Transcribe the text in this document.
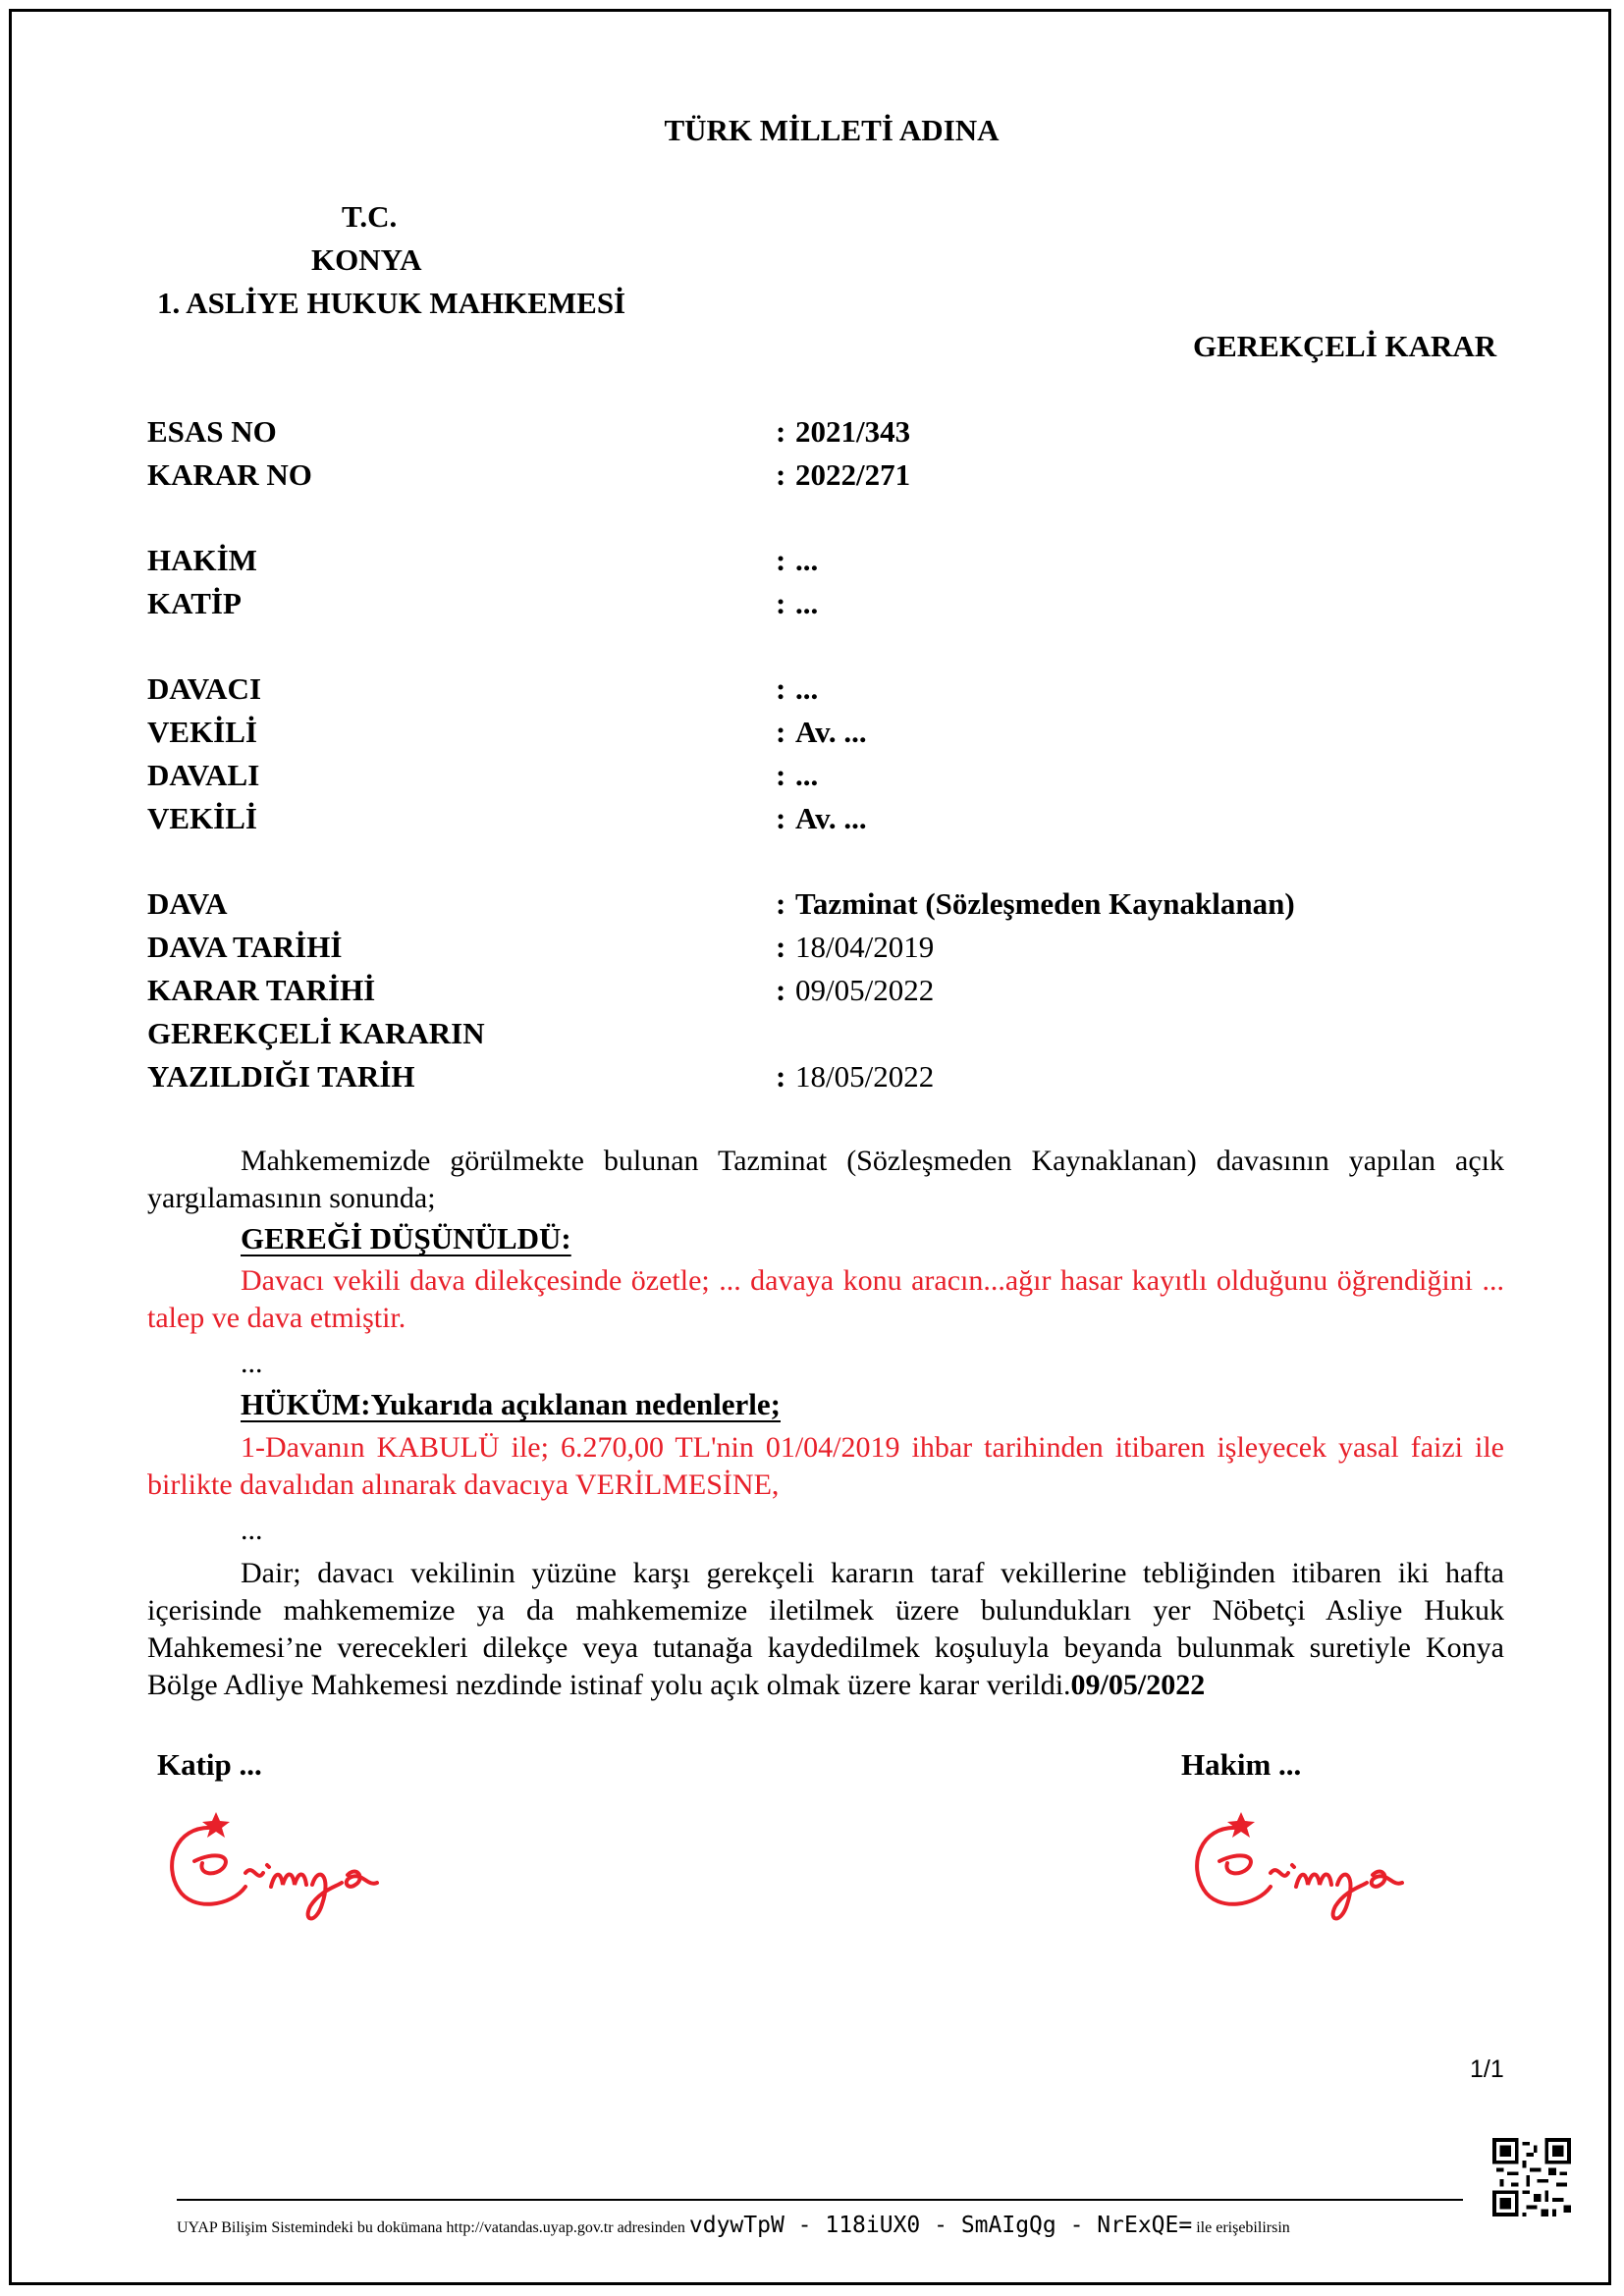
TÜRK MİLLETİ ADINA
T.C.
KONYA
1. ASLİYE HUKUK MAHKEMESİ
GEREKÇELİ KARAR
ESAS NO	: 2021/343
KARAR NO	: 2022/271
HAKİM	: ...
KATİP	: ...
DAVACI	: ...
VEKİLİ	: Av. ...
DAVALI	: ...
VEKİLİ	: Av. ...
DAVA	: Tazminat (Sözleşmeden Kaynaklanan)
DAVA TARİHİ	: 18/04/2019
KARAR TARİHİ	: 09/05/2022
GEREKÇELİ KARARIN
YAZILDIĞI TARİH	: 18/05/2022
Mahkememizde görülmekte bulunan Tazminat (Sözleşmeden Kaynaklanan) davasının yapılan açık yargılamasının sonunda;
GEREĞİ DÜŞÜNÜLDÜ:
Davacı vekili dava dilekçesinde özetle; ... davaya konu aracın...ağır hasar kayıtlı olduğunu öğrendiğini ... talep ve dava etmiştir.
...
HÜKÜM:Yukarıda açıklanan nedenlerle;
1-Davanın KABULÜ ile; 6.270,00 TL'nin 01/04/2019 ihbar tarihinden itibaren işleyecek yasal faizi ile birlikte davalıdan alınarak davacıya VERİLMESİNE,
...
Dair; davacı vekilinin yüzüne karşı gerekçeli kararın taraf vekillerine tebliğinden itibaren iki hafta içerisinde mahkememize ya da mahkememize iletilmek üzere bulundukları yer Nöbetçi Asliye Hukuk Mahkemesi’ne verecekleri dilekçe veya tutanağa kaydedilmek koşuluyla beyanda bulunmak suretiyle Konya Bölge Adliye Mahkemesi nezdinde istinaf yolu açık olmak üzere karar verildi.09/05/2022
Katip ...	Hakim ...
1/1
UYAP Bilişim Sistemindeki bu dokümana http://vatandas.uyap.gov.tr adresinden vdywTpW - 118iUX0 - SmAIgQg - NrExQE= ile erişebilirsin
